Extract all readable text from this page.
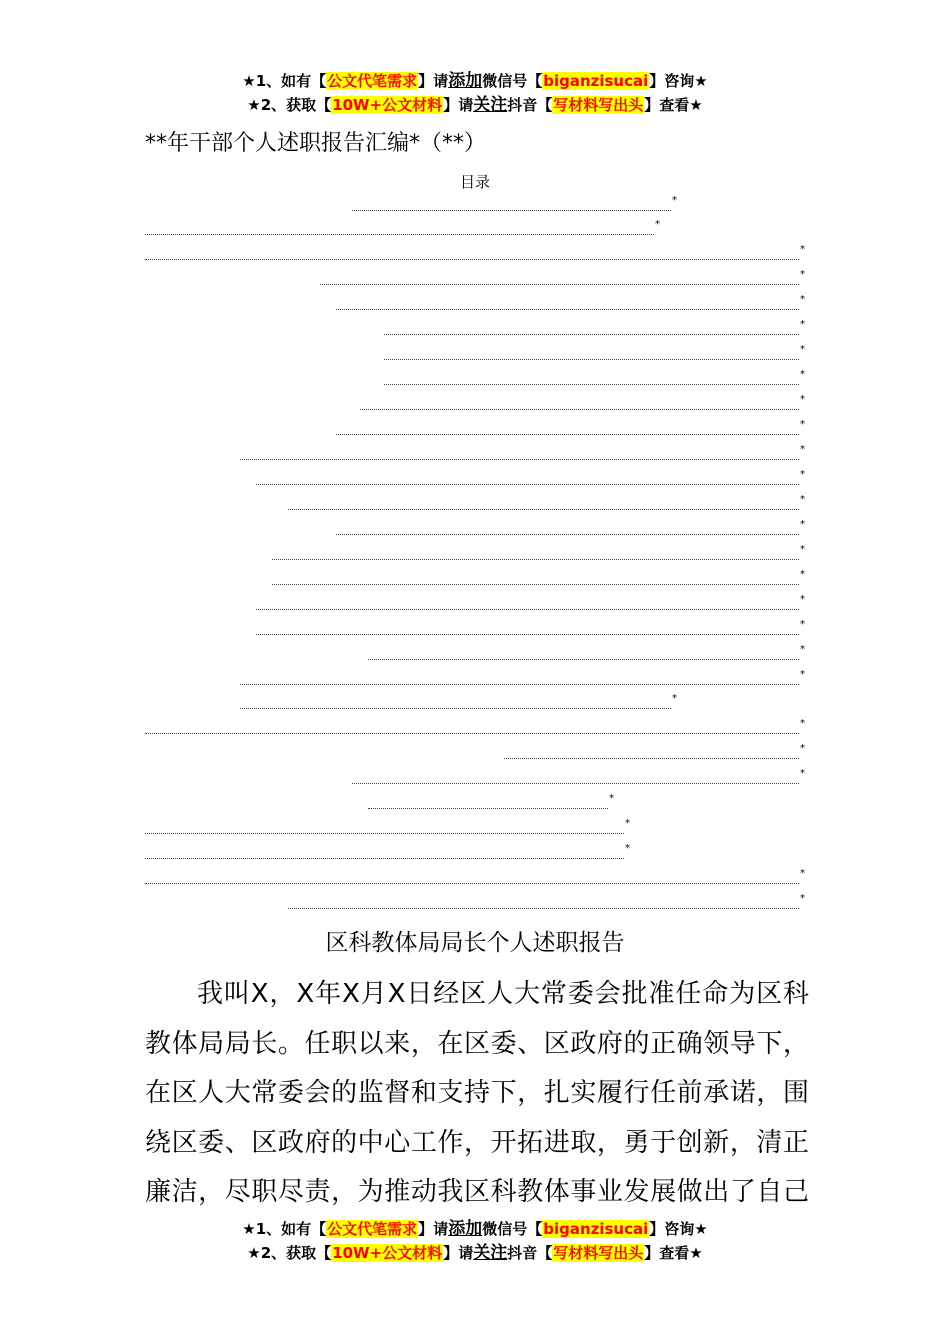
★1、如有【公文代笔需求】请添加微信号【biganzisucai】咨询★
★2、获取【10W+公文材料】请关注抖音【写材料写出头】查看★
**年干部个人述职报告汇编*（**）
目录
*
*
*
*
*
*
*
*
*
*
*
*
*
*
*
*
*
*
*
*
*
*
*
*
*
*
*
*
*
区科教体局局长个人述职报告

我叫X，X年X月X日经区人大常委会批准任命为区科教体局局长。任职以来，在区委、区政府的正确领导下，在区人大常委会的监督和支持下，扎实履行任前承诺，围绕区委、区政府的中心工作，开拓进取，勇于创新，清正廉洁，尽职尽责，为推动我区科教体事业发展做出了自己

★1、如有【公文代笔需求】请添加微信号【biganzisucai】咨询★
★2、获取【10W+公文材料】请关注抖音【写材料写出头】查看★
